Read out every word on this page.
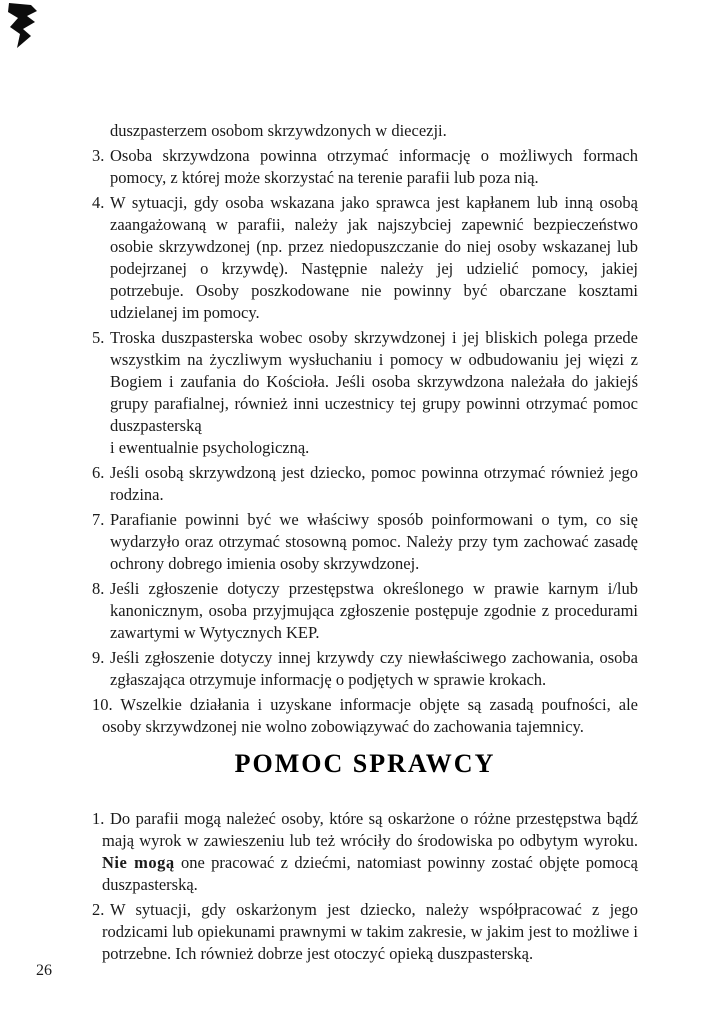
duszpasterzem osobom skrzywdzonych w diecezji.

3. Osoba skrzywdzona powinna otrzymać informację o możliwych formach pomocy, z której może skorzystać na terenie parafii lub poza nią.
4. W sytuacji, gdy osoba wskazana jako sprawca jest kapłanem lub inną osobą zaangażowaną w parafii, należy jak najszybciej zapewnić bezpieczeństwo osobie skrzywdzonej (np. przez niedopuszczanie do niej osoby wskazanej lub podejrzanej o krzywdę). Następnie należy jej udzielić pomocy, jakiej potrzebuje. Osoby poszkodowane nie powinny być obarczane kosztami udzielanej im pomocy.
5. Troska duszpasterska wobec osoby skrzywdzonej i jej bliskich polega przede wszystkim na życzliwym wysłuchaniu i pomocy w odbudowaniu jej więzi z Bogiem i zaufania do Kościoła. Jeśli osoba skrzywdzona należała do jakiejś grupy parafialnej, również inni uczestnicy tej grupy powinni otrzymać pomoc duszpasterską
i ewentualnie psychologiczną.
6. Jeśli osobą skrzywdzoną jest dziecko, pomoc powinna otrzymać również jego rodzina.
7. Parafianie powinni być we właściwy sposób poinformowani o tym, co się wydarzyło oraz otrzymać stosowną pomoc. Należy przy tym zachować zasadę ochrony dobrego imienia osoby skrzywdzonej.
8. Jeśli zgłoszenie dotyczy przestępstwa określonego w prawie karnym i/lub kanonicznym, osoba przyjmująca zgłoszenie postępuje zgodnie z procedurami zawartymi w Wytycznych KEP.
9. Jeśli zgłoszenie dotyczy innej krzywdy czy niewłaściwego zachowania, osoba zgłaszająca otrzymuje informację o podjętych w sprawie krokach.
10. Wszelkie działania i uzyskane informacje objęte są zasadą poufności, ale osoby skrzywdzonej nie wolno zobowiązywać do zachowania tajemnicy.
POMOC SPRAWCY
1. Do parafii mogą należeć osoby, które są oskarżone o różne przestępstwa bądź mają wyrok w zawieszeniu lub też wróciły do środowiska po odbytym wyroku. Nie mogą one pracować z dziećmi, natomiast powinny zostać objęte pomocą duszpasterską.
2. W sytuacji, gdy oskarżonym jest dziecko, należy współpracować z jego rodzicami lub opiekunami prawnymi w takim zakresie, w jakim jest to możliwe i potrzebne. Ich również dobrze jest otoczyć opieką duszpasterską.
26
